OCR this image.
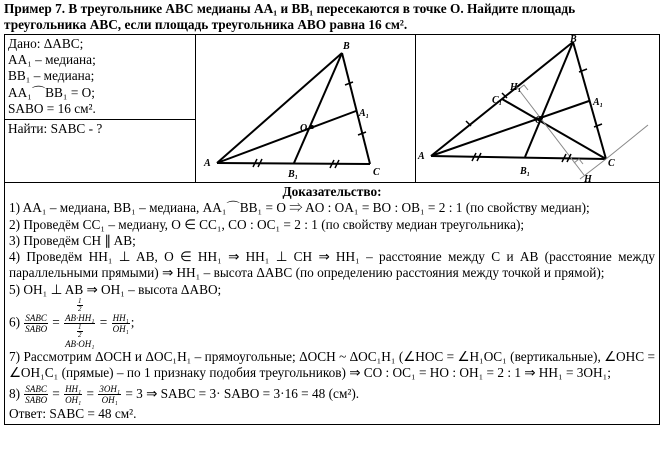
Пример 7. В треугольнике ABC медианы AA₁ и BB₁ пересекаются в точке О. Найдите площадь треугольника ABC, если площадь треугольника ABO равна 16 см².
Дано: ΔABC;
AA₁ – медиана;
BB₁ – медиана;
AA₁⌒BB₁ = O;
SABO = 16 см².
Найти: SABC - ?
A
B
C
O
A₁
B₁
A
B
C
O
A₁
B₁
C₁
H₁
H
Доказательство:

1) AA₁ – медиана, BB₁ – медиана, AA₁⌒BB₁ = O ⇒ AO : OA₁ = BO : OB₁ = 2 : 1 (по свойству медиан);

2) Проведём CC₁ – медиану, O ∈ CC₁, CO : OC₁ = 2 : 1 (по свойству медиан треугольника);

3) Проведём CH ∥ AB;

4) Проведём HH₁ ⊥ AB, O ∈ HH₁ ⇒ HH₁ ⊥ CH ⇒ HH₁ – расстояние между C и AB (расстояние между параллельными прямыми) ⇒ HH₁ – высота ΔABC (по определению расстояния между точкой и прямой);

5) OH₁ ⊥ AB ⇒ OH₁ – высота ΔABO;

$6) \frac{\text{SABC}}{\text{SABO}} = \frac{1}{2}$
AB·HH₁
$\frac{1}{2}$
$AB\cdot OH_1 = \frac{\text{HH₁}}{\text{OH₁}}$ ;

7) Рассмотрим ΔOCH и ΔOC₁H₁ – прямоугольные; ΔOCH ~ ΔOC₁H₁ (∠HOC = ∠H₁OC₁ (вертикальные), ∠OHC = ∠OH₁C₁ (прямые) – по 1 признаку подобия треугольников) ⇒ CO : OC₁ = HO : OH₁ = 2 : 1 ⇒ HH₁ = 3OH₁;

$8) \frac{\text{SABC}}{\text{SABO}} = \frac{\text{HH₁}}{\text{OH₁}} = \frac{\text{3OH₁}}{\text{OH₁}} = 3$ ⇒ SABC = 3· SABO = 3·16 = 48 (см²).

Ответ: SABC = 48 см².
